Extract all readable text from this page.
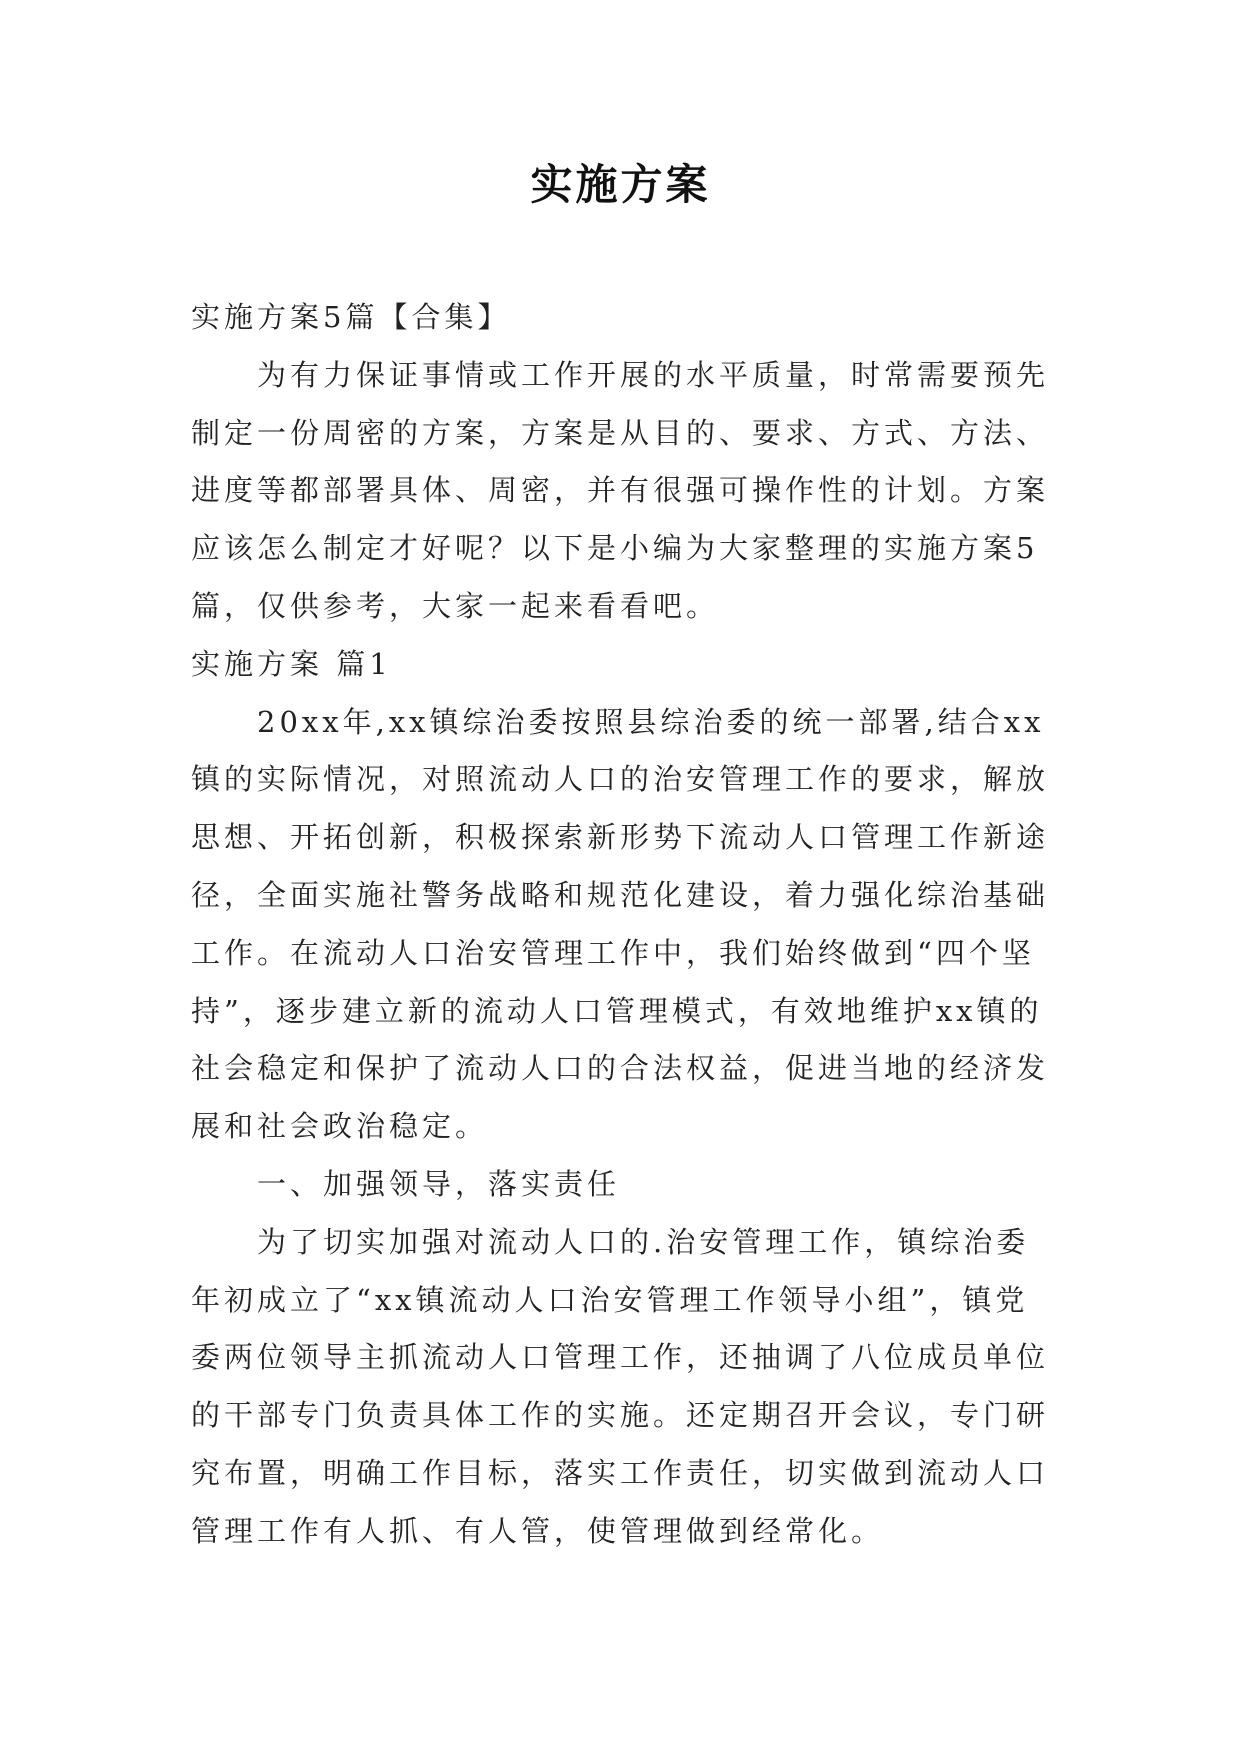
实施方案

实施方案5篇【合集】

为有力保证事情或工作开展的水平质量，时常需要预先制定一份周密的方案，方案是从目的、要求、方式、方法、进度等都部署具体、周密，并有很强可操作性的计划。方案应该怎么制定才好呢？以下是小编为大家整理的实施方案5篇，仅供参考，大家一起来看看吧。

实施方案 篇1

20xx年,xx镇综治委按照县综治委的统一部署,结合xx镇的实际情况，对照流动人口的治安管理工作的要求，解放思想、开拓创新，积极探索新形势下流动人口管理工作新途径，全面实施社警务战略和规范化建设，着力强化综治基础工作。在流动人口治安管理工作中，我们始终做到“四个坚持”，逐步建立新的流动人口管理模式，有效地维护xx镇的社会稳定和保护了流动人口的合法权益，促进当地的经济发展和社会政治稳定。

一、加强领导，落实责任

为了切实加强对流动人口的.治安管理工作，镇综治委年初成立了“xx镇流动人口治安管理工作领导小组”，镇党委两位领导主抓流动人口管理工作，还抽调了八位成员单位的干部专门负责具体工作的实施。还定期召开会议，专门研究布置，明确工作目标，落实工作责任，切实做到流动人口管理工作有人抓、有人管，使管理做到经常化。
